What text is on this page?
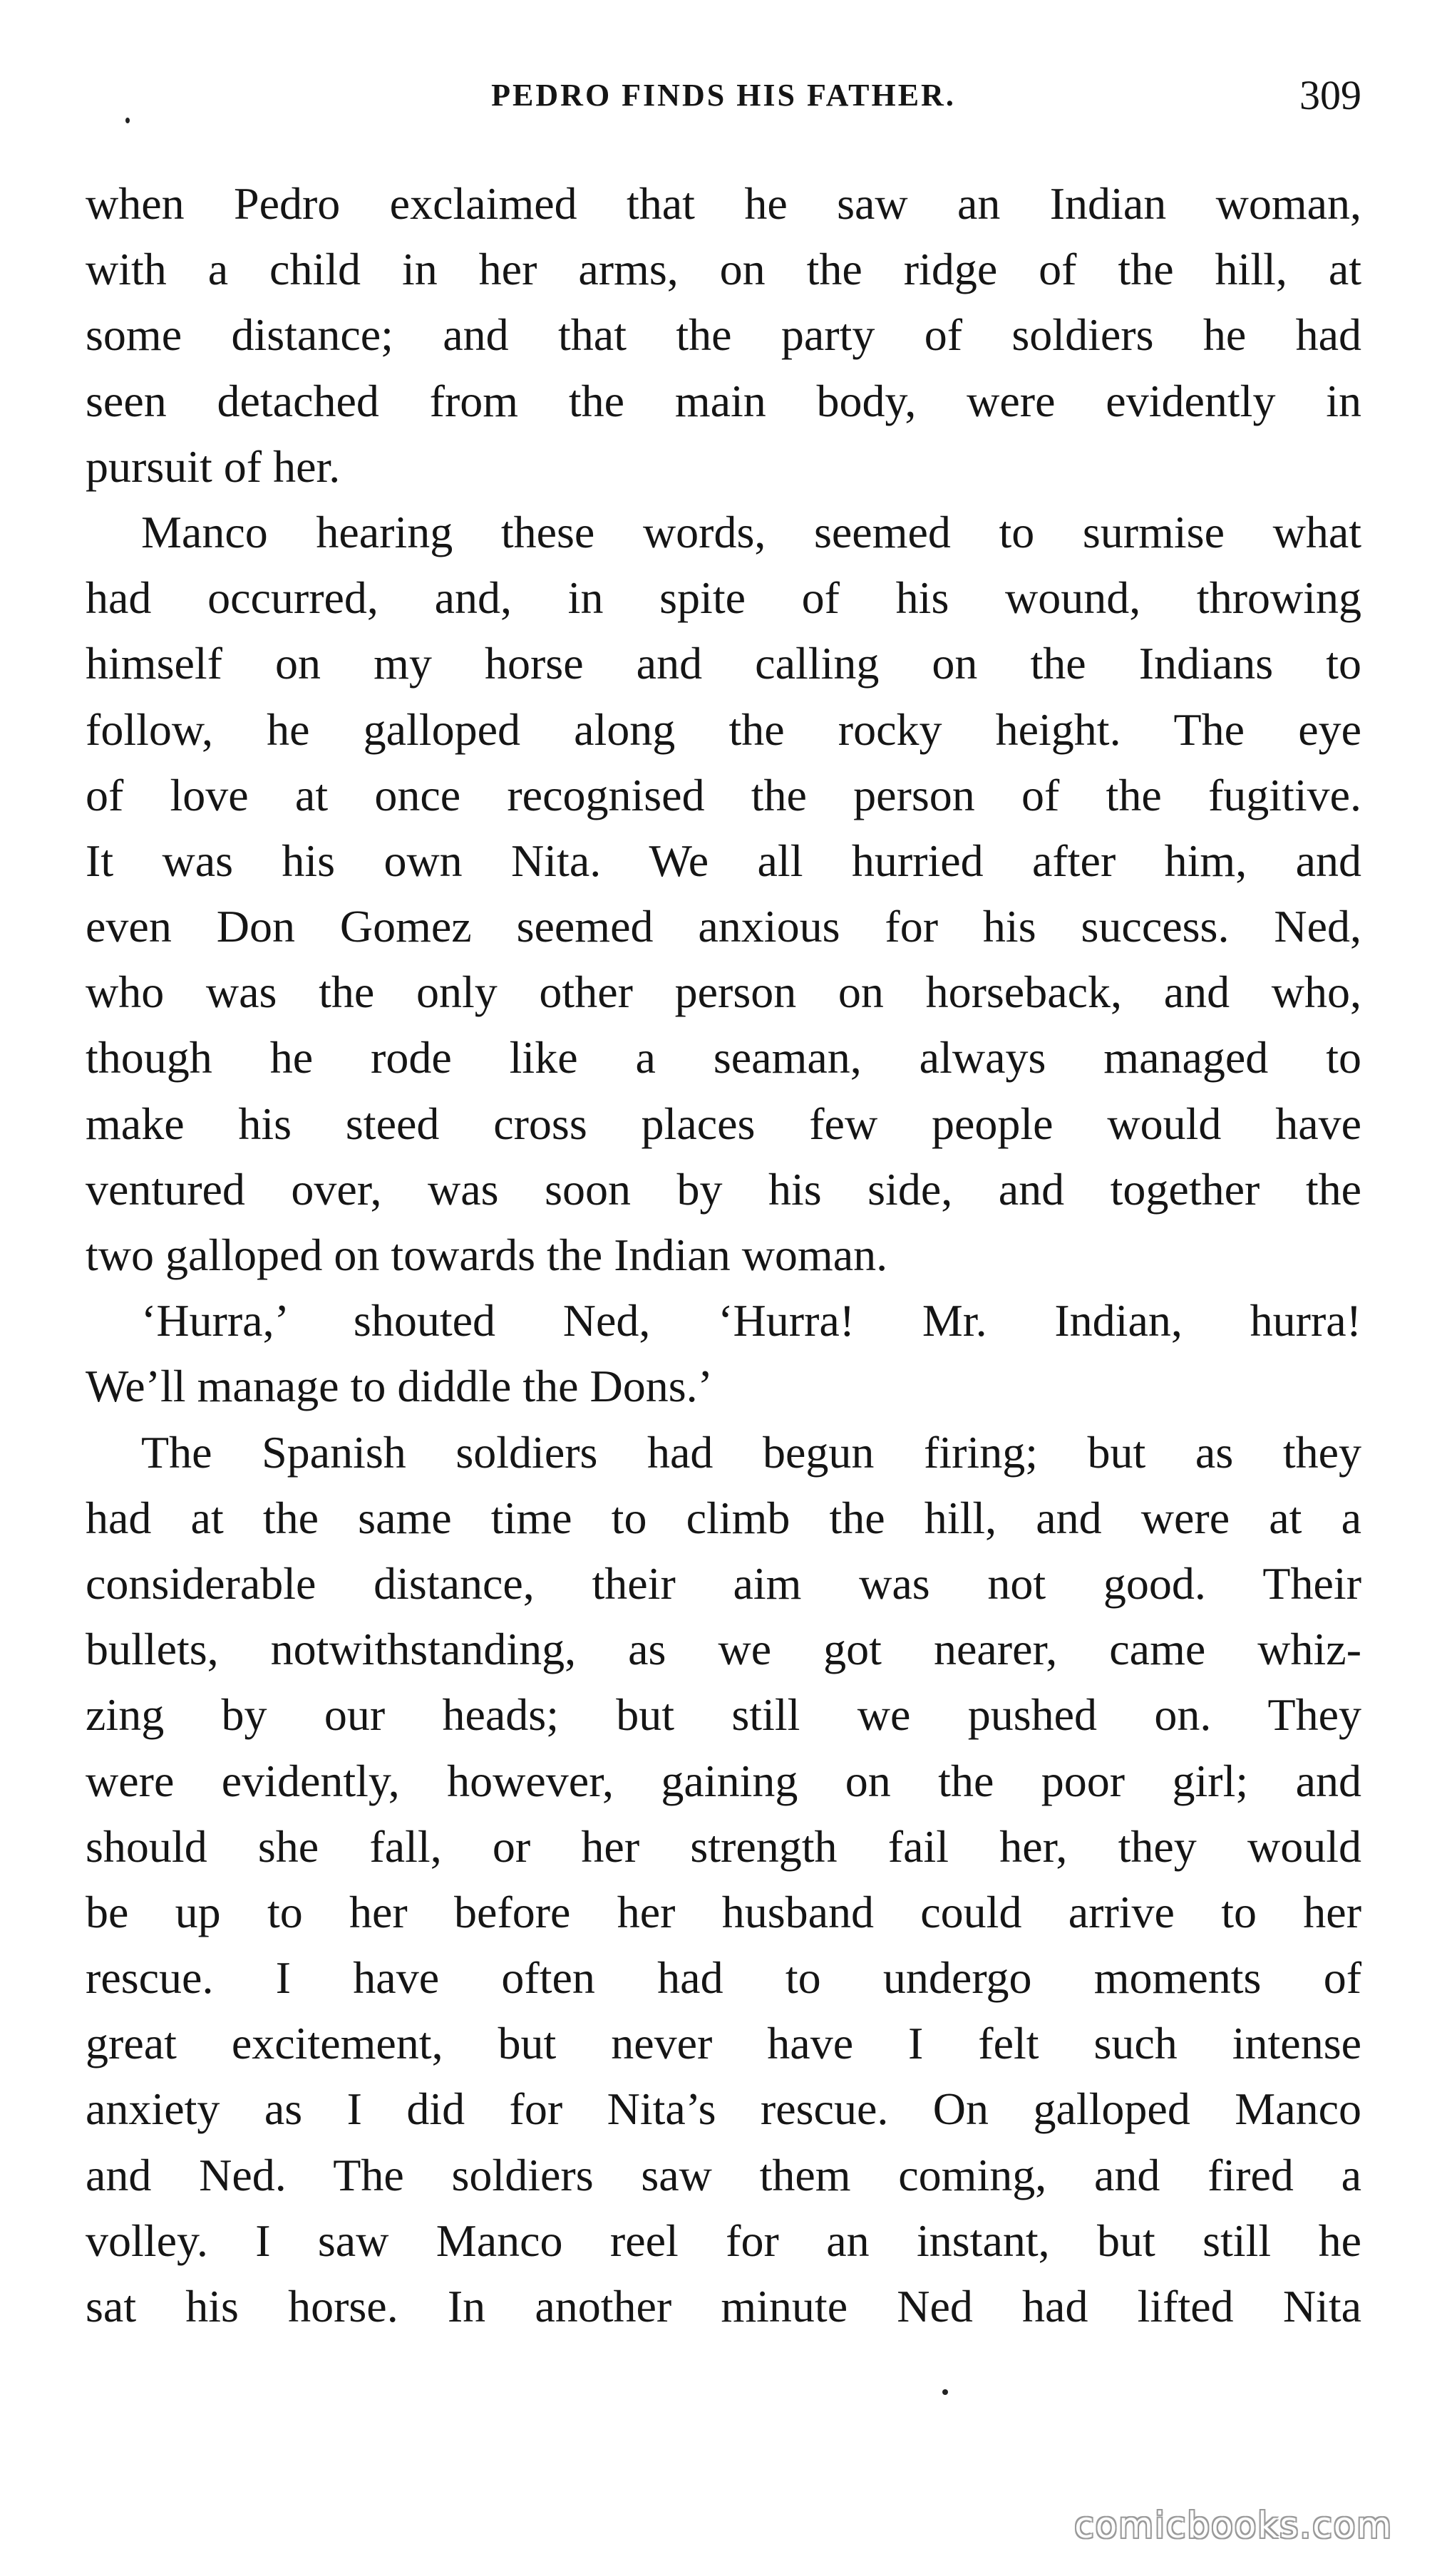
PEDRO FINDS HIS FATHER.	309
when Pedro exclaimed that he saw an Indian woman,
with a child in her arms, on the ridge of the hill, at
some distance; and that the party of soldiers he had
seen detached from the main body, were evidently in
pursuit of her.
Manco hearing these words, seemed to surmise what
had occurred, and, in spite of his wound, throwing
himself on my horse and calling on the Indians to
follow, he galloped along the rocky height. The eye
of love at once recognised the person of the fugitive.
It was his own Nita. We all hurried after him, and
even Don Gomez seemed anxious for his success. Ned,
who was the only other person on horseback, and who,
though he rode like a seaman, always managed to
make his steed cross places few people would have
ventured over, was soon by his side, and together the
two galloped on towards the Indian woman.
‘Hurra,’ shouted Ned, ‘Hurra! Mr. Indian, hurra!
We’ll manage to diddle the Dons.’
The Spanish soldiers had begun firing; but as they
had at the same time to climb the hill, and were at a
considerable distance, their aim was not good. Their
bullets, notwithstanding, as we got nearer, came whiz-
zing by our heads; but still we pushed on. They
were evidently, however, gaining on the poor girl; and
should she fall, or her strength fail her, they would
be up to her before her husband could arrive to her
rescue. I have often had to undergo moments of
great excitement, but never have I felt such intense
anxiety as I did for Nita’s rescue. On galloped Manco
and Ned. The soldiers saw them coming, and fired a
volley. I saw Manco reel for an instant, but still he
sat his horse. In another minute Ned had lifted Nita
comicbooks.com
